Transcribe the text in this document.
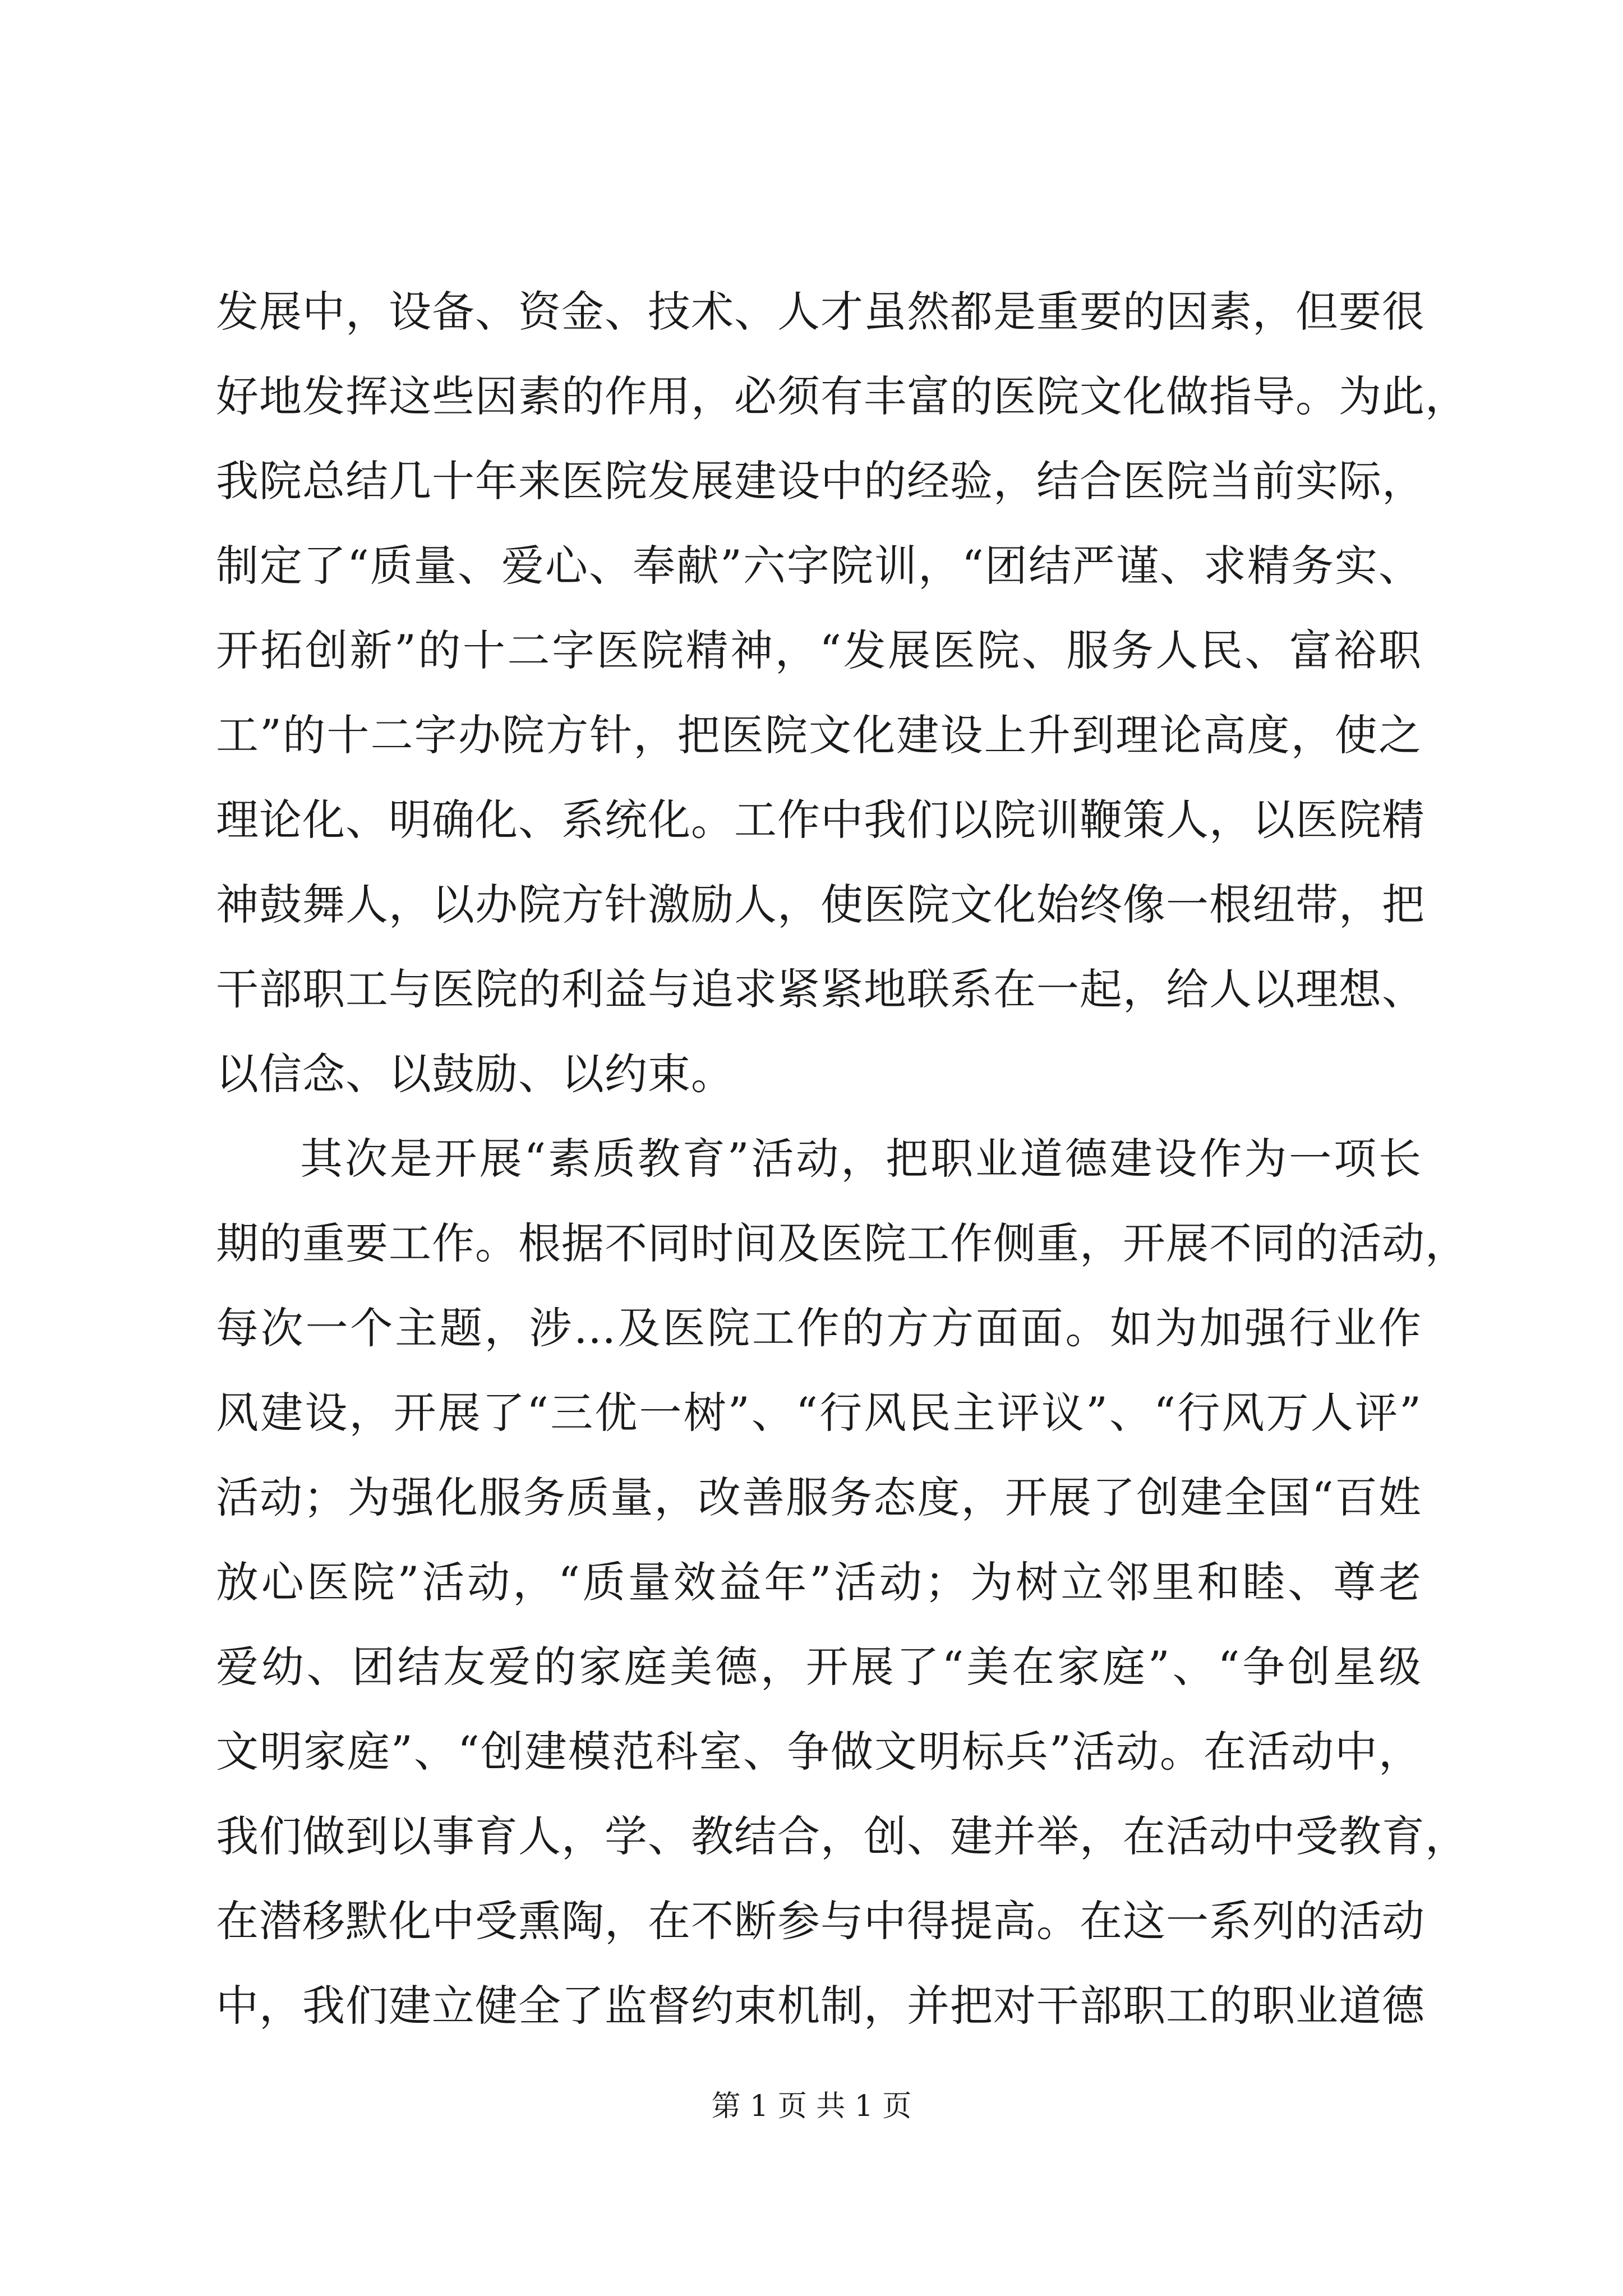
发展中，设备、资金、技术、人才虽然都是重要的因素，但要很
好地发挥这些因素的作用，必须有丰富的医院文化做指导。为此，
我院总结几十年来医院发展建设中的经验，结合医院当前实际，
制定了“质量、爱心、奉献”六字院训，“团结严谨、求精务实、
开拓创新”的十二字医院精神，“发展医院、服务人民、富裕职
工”的十二字办院方针，把医院文化建设上升到理论高度，使之
理论化、明确化、系统化。工作中我们以院训鞭策人，以医院精
神鼓舞人，以办院方针激励人，使医院文化始终像一根纽带，把
干部职工与医院的利益与追求紧紧地联系在一起，给人以理想、
以信念、以鼓励、以约束。
其次是开展“素质教育”活动，把职业道德建设作为一项长
期的重要工作。根据不同时间及医院工作侧重，开展不同的活动，
每次一个主题，涉...及医院工作的方方面面。如为加强行业作
风建设，开展了“三优一树”、“行风民主评议”、“行风万人评”
活动；为强化服务质量，改善服务态度，开展了创建全国“百姓
放心医院”活动，“质量效益年”活动；为树立邻里和睦、尊老
爱幼、团结友爱的家庭美德，开展了“美在家庭”、“争创星级
文明家庭”、“创建模范科室、争做文明标兵”活动。在活动中，
我们做到以事育人，学、教结合，创、建并举，在活动中受教育，
在潜移默化中受熏陶，在不断参与中得提高。在这一系列的活动
中，我们建立健全了监督约束机制，并把对干部职工的职业道德
第 1 页 共 1 页
